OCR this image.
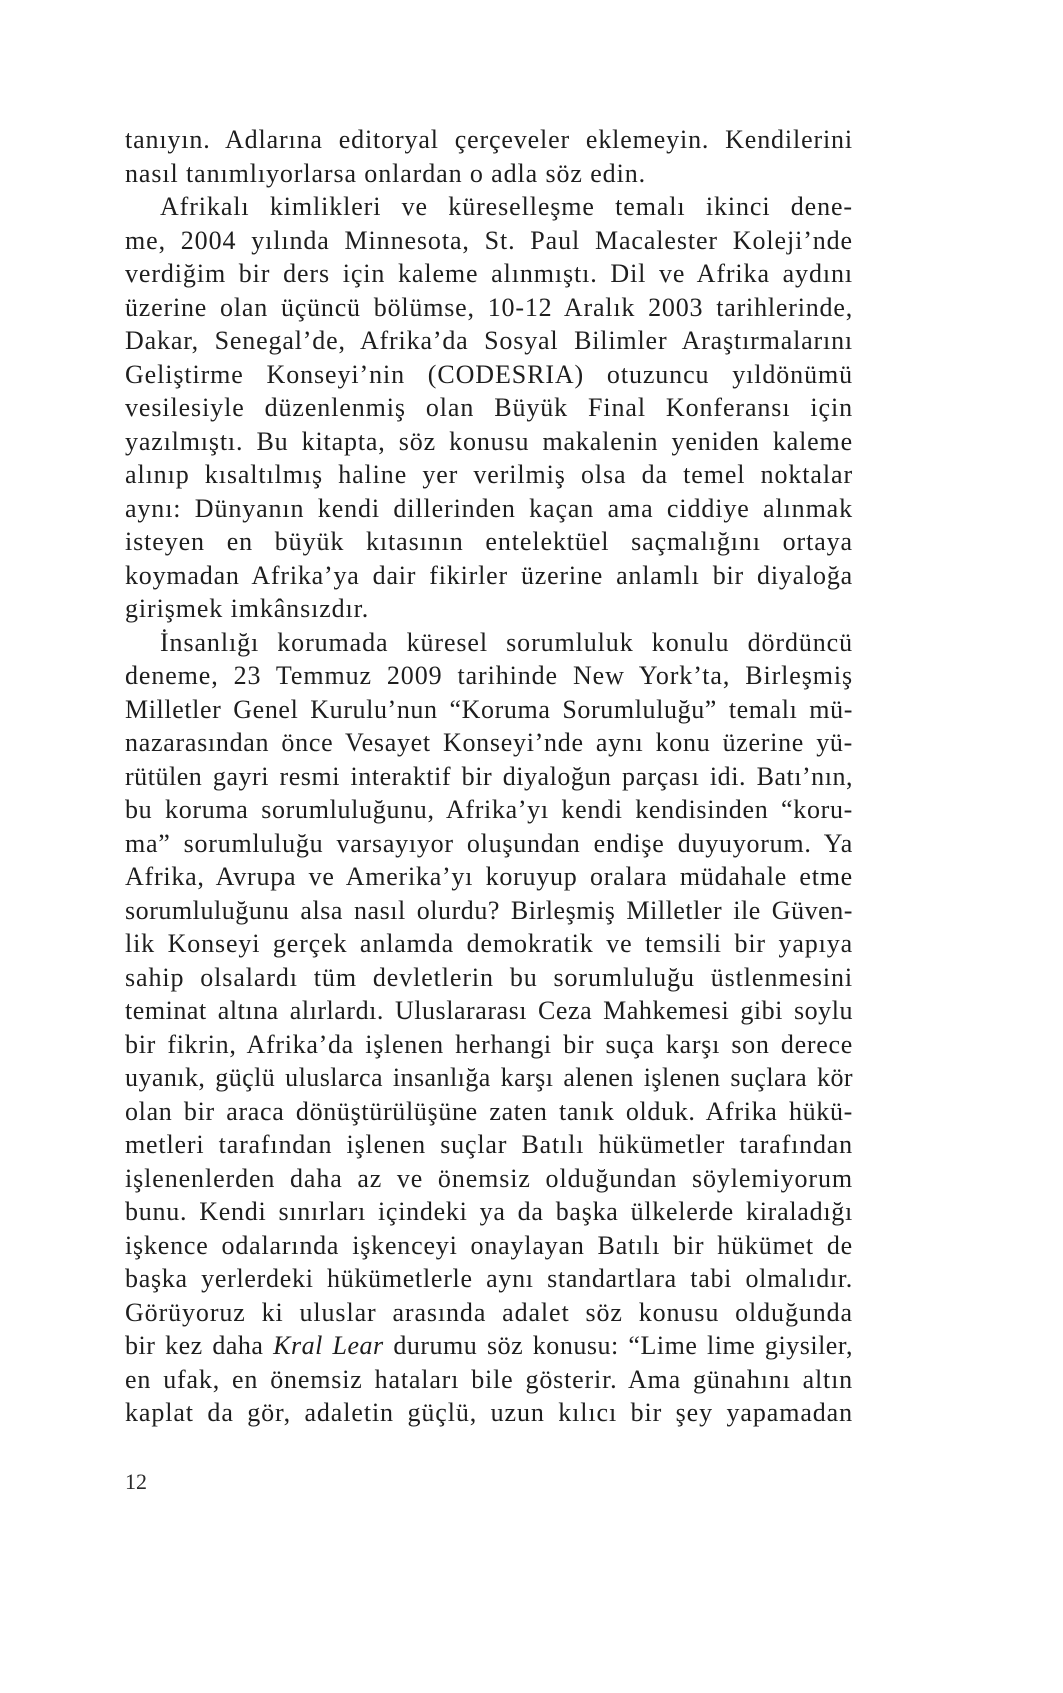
tanıyın. Adlarına editoryal çerçeveler eklemeyin. Kendilerini
nasıl tanımlıyorlarsa onlardan o adla söz edin.
Afrikalı kimlikleri ve küreselleşme temalı ikinci dene-
me, 2004 yılında Minnesota, St. Paul Macalester Koleji’nde
verdiğim bir ders için kaleme alınmıştı. Dil ve Afrika aydını
üzerine olan üçüncü bölümse, 10-12 Aralık 2003 tarihlerinde,
Dakar, Senegal’de, Afrika’da Sosyal Bilimler Araştırmalarını
Geliştirme Konseyi’nin (CODESRIA) otuzuncu yıldönümü
vesilesiyle düzenlenmiş olan Büyük Final Konferansı için
yazılmıştı. Bu kitapta, söz konusu makalenin yeniden kaleme
alınıp kısaltılmış haline yer verilmiş olsa da temel noktalar
aynı: Dünyanın kendi dillerinden kaçan ama ciddiye alınmak
isteyen en büyük kıtasının entelektüel saçmalığını ortaya
koymadan Afrika’ya dair fikirler üzerine anlamlı bir diyaloğa
girişmek imkânsızdır.
İnsanlığı korumada küresel sorumluluk konulu dördüncü
deneme, 23 Temmuz 2009 tarihinde New York’ta, Birleşmiş
Milletler Genel Kurulu’nun “Koruma Sorumluluğu” temalı mü-
nazarasından önce Vesayet Konseyi’nde aynı konu üzerine yü-
rütülen gayri resmi interaktif bir diyaloğun parçası idi. Batı’nın,
bu koruma sorumluluğunu, Afrika’yı kendi kendisinden “koru-
ma” sorumluluğu varsayıyor oluşundan endişe duyuyorum. Ya
Afrika, Avrupa ve Amerika’yı koruyup oralara müdahale etme
sorumluluğunu alsa nasıl olurdu? Birleşmiş Milletler ile Güven-
lik Konseyi gerçek anlamda demokratik ve temsili bir yapıya
sahip olsalardı tüm devletlerin bu sorumluluğu üstlenmesini
teminat altına alırlardı. Uluslararası Ceza Mahkemesi gibi soylu
bir fikrin, Afrika’da işlenen herhangi bir suça karşı son derece
uyanık, güçlü uluslarca insanlığa karşı alenen işlenen suçlara kör
olan bir araca dönüştürülüşüne zaten tanık olduk. Afrika hükü-
metleri tarafından işlenen suçlar Batılı hükümetler tarafından
işlenenlerden daha az ve önemsiz olduğundan söylemiyorum
bunu. Kendi sınırları içindeki ya da başka ülkelerde kiraladığı
işkence odalarında işkenceyi onaylayan Batılı bir hükümet de
başka yerlerdeki hükümetlerle aynı standartlara tabi olmalıdır.
Görüyoruz ki uluslar arasında adalet söz konusu olduğunda
bir kez daha Kral Lear durumu söz konusu: “Lime lime giysiler,
en ufak, en önemsiz hataları bile gösterir. Ama günahını altın
kaplat da gör, adaletin güçlü, uzun kılıcı bir şey yapamadan
12
